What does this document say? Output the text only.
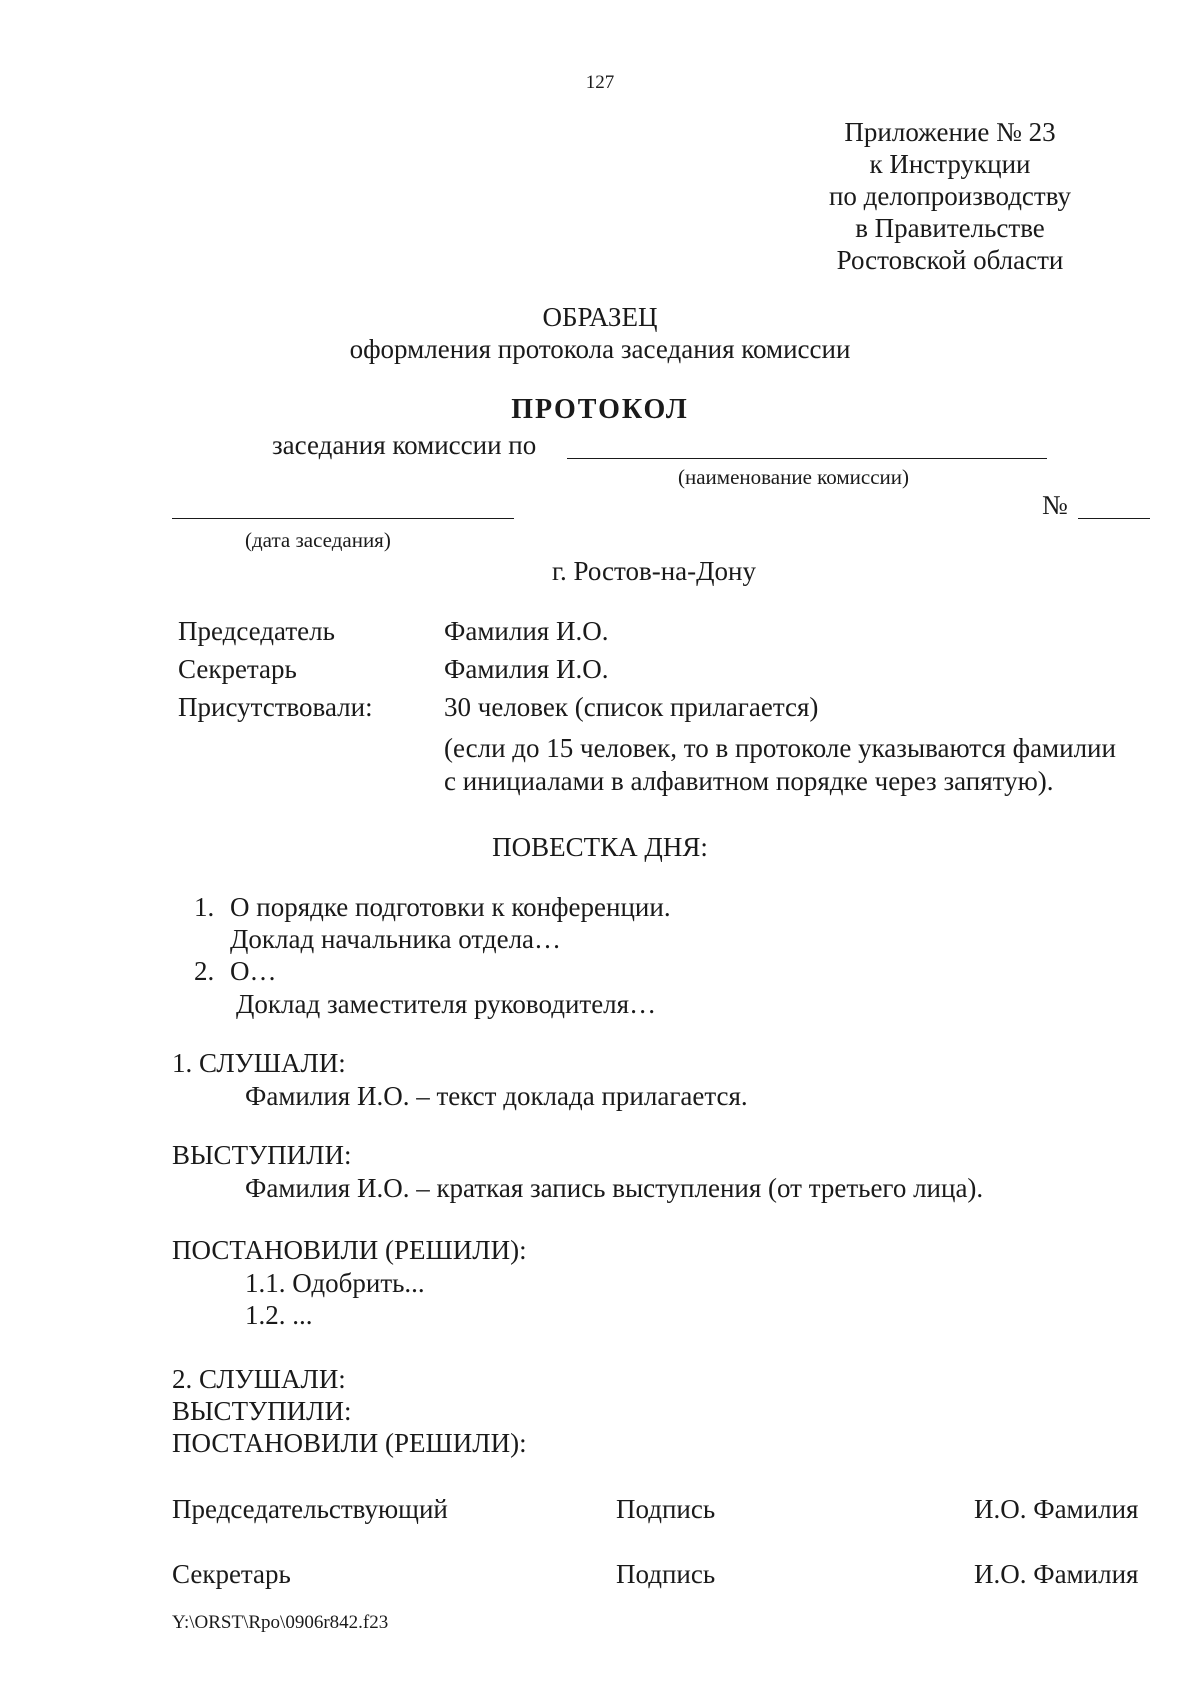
127
Приложение № 23
к Инструкции
по делопроизводству
в Правительстве
Ростовской области
ОБРАЗЕЦ
оформления протокола заседания комиссии
ПРОТОКОЛ
заседания комиссии по
(наименование комиссии)
№
(дата заседания)
г. Ростов-на-Дону
Председатель	Фамилия И.О.
Секретарь	Фамилия И.О.
Присутствовали:	30 человек (список прилагается)
(если до 15 человек, то в протоколе указываются фамилии
с инициалами в алфавитном порядке через запятую).
ПОВЕСТКА ДНЯ:
1. О порядке подготовки к конференции.
Доклад начальника отдела…
2. О…
Доклад заместителя руководителя…
1. СЛУШАЛИ:
Фамилия И.О. – текст доклада прилагается.
ВЫСТУПИЛИ:
Фамилия И.О. – краткая запись выступления (от третьего лица).
ПОСТАНОВИЛИ (РЕШИЛИ):
1.1. Одобрить...
1.2. ...
2. СЛУШАЛИ:
ВЫСТУПИЛИ:
ПОСТАНОВИЛИ (РЕШИЛИ):
Председательствующий	Подпись	И.О. Фамилия
Секретарь	Подпись	И.О. Фамилия
Y:\ORST\Rpo\0906r842.f23
